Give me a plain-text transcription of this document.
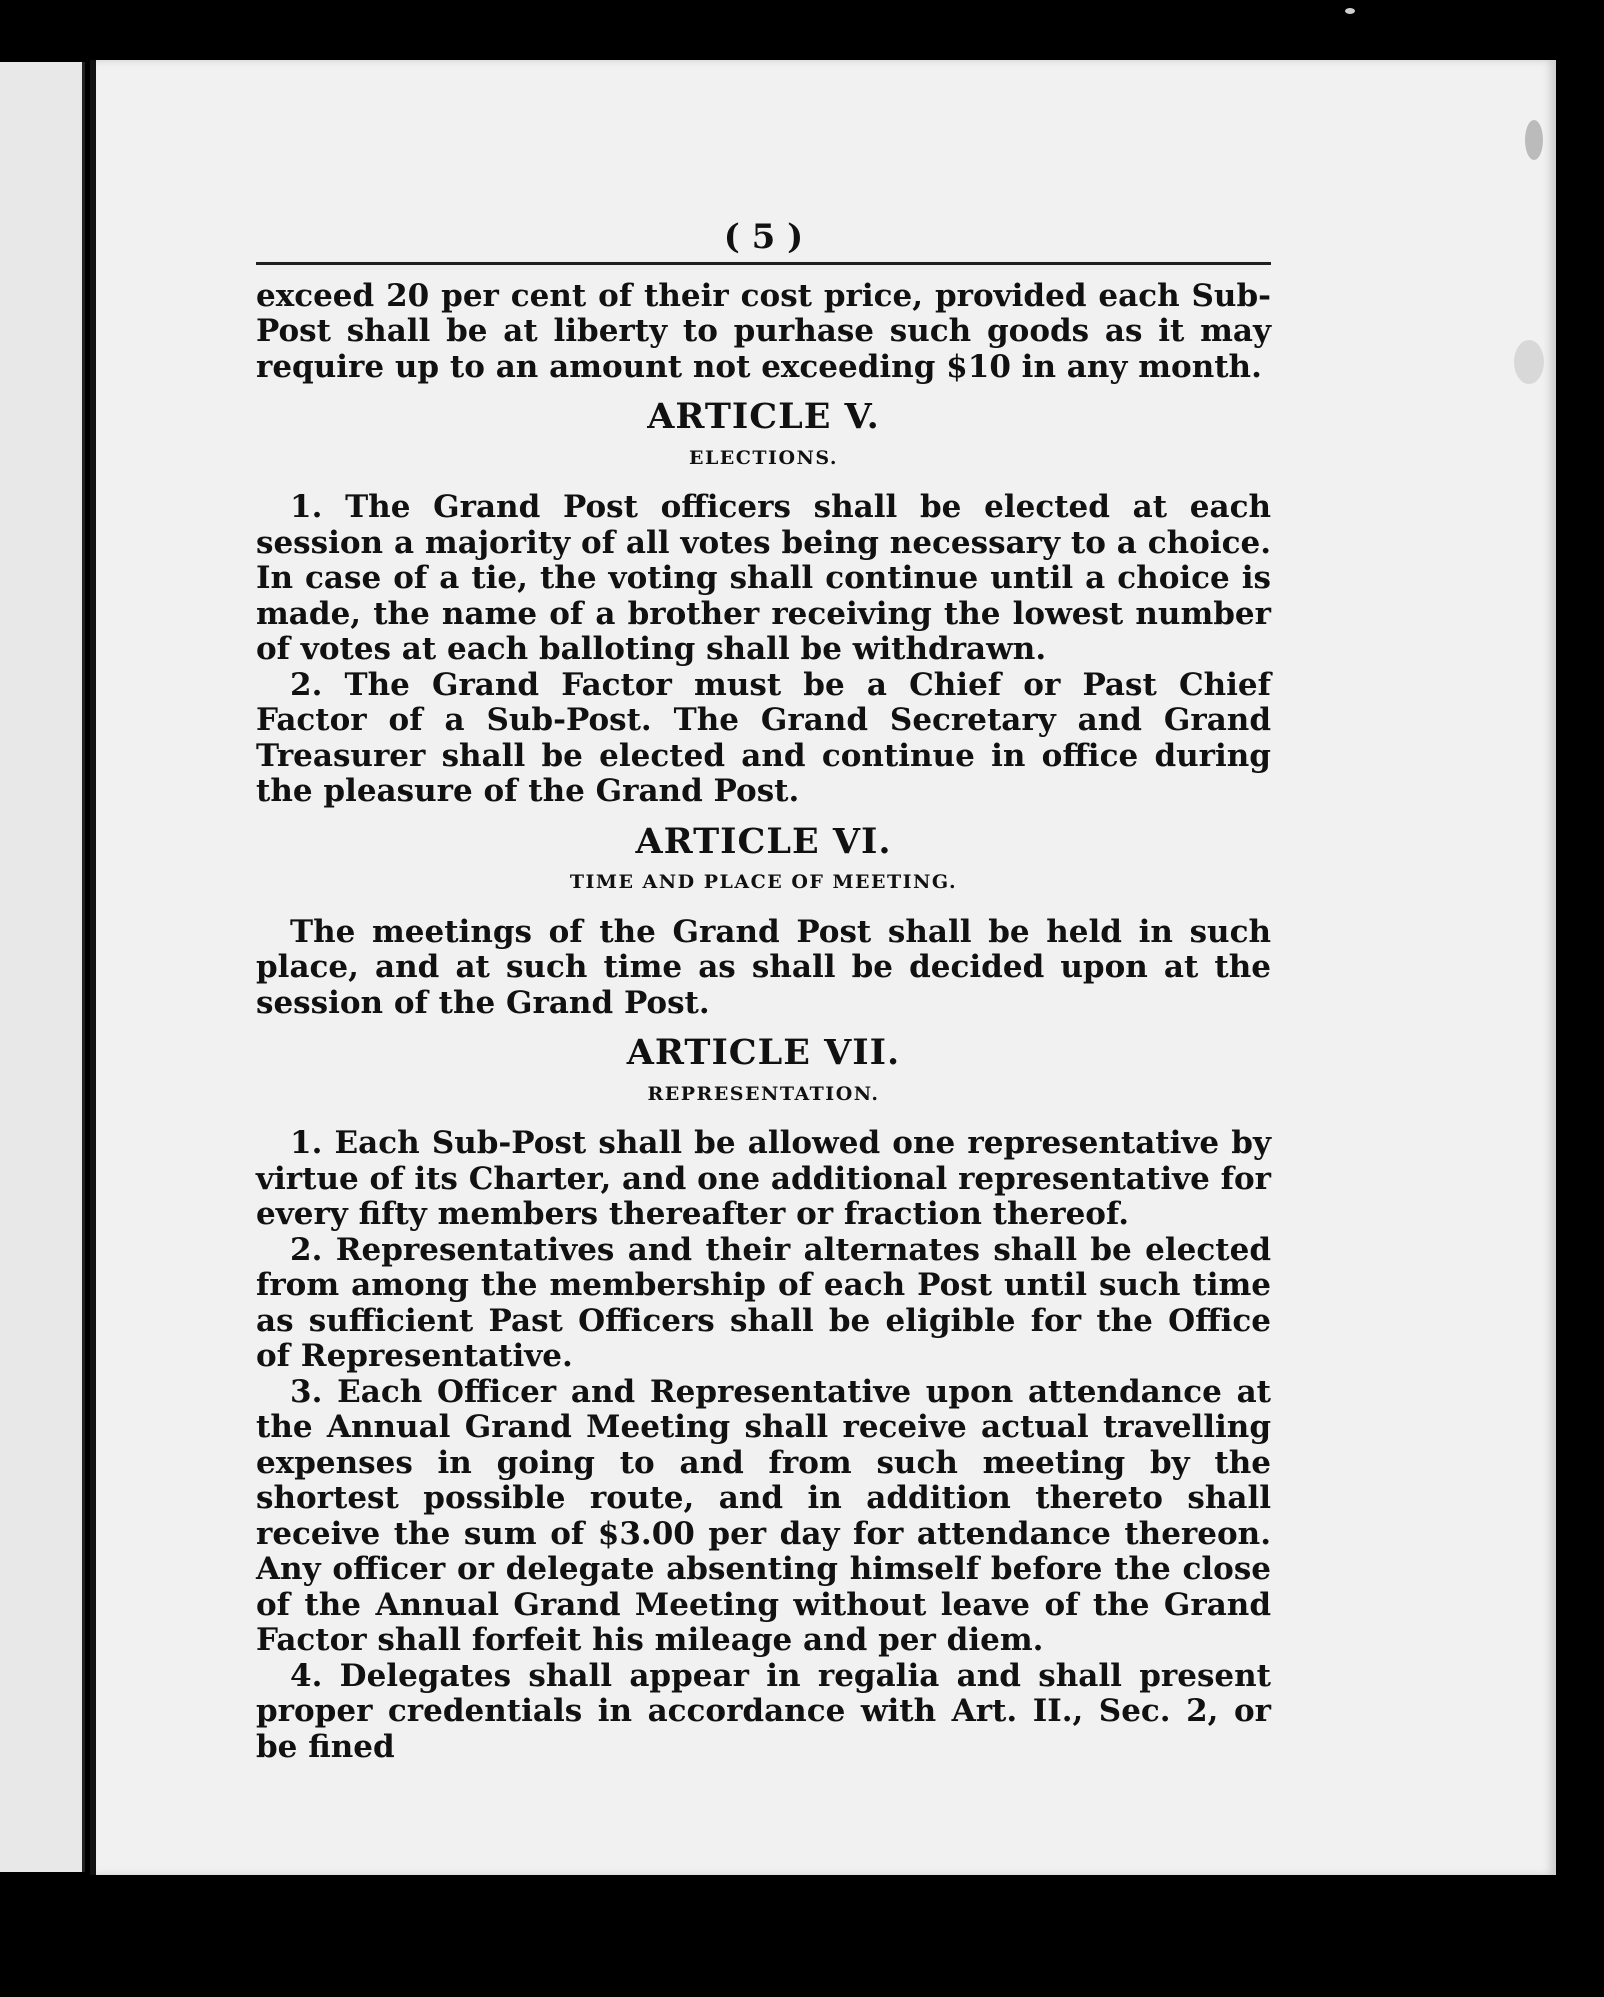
( 5 )

exceed 20 per cent of their cost price, provided each Sub-Post shall be at liberty to purhase such goods as it may require up to an amount not exceeding $10 in any month.

ARTICLE V.
ELECTIONS.

1. The Grand Post officers shall be elected at each session a majority of all votes being necessary to a choice. In case of a tie, the voting shall continue until a choice is made, the name of a brother receiving the lowest number of votes at each balloting shall be withdrawn.

2. The Grand Factor must be a Chief or Past Chief Factor of a Sub-Post. The Grand Secretary and Grand Treasurer shall be elected and continue in office during the pleasure of the Grand Post.

ARTICLE VI.
TIME AND PLACE OF MEETING.

The meetings of the Grand Post shall be held in such place, and at such time as shall be decided upon at the session of the Grand Post.

ARTICLE VII.
REPRESENTATION.

1. Each Sub-Post shall be allowed one representative by virtue of its Charter, and one additional representative for every fifty members thereafter or fraction thereof.

2. Representatives and their alternates shall be elected from among the membership of each Post until such time as sufficient Past Officers shall be eligible for the Office of Representative.

3. Each Officer and Representative upon attendance at the Annual Grand Meeting shall receive actual travelling expenses in going to and from such meeting by the shortest possible route, and in addition thereto shall receive the sum of $3.00 per day for attendance thereon. Any officer or delegate absenting himself before the close of the Annual Grand Meeting without leave of the Grand Factor shall forfeit his mileage and per diem.

4. Delegates shall appear in regalia and shall present proper credentials in accordance with Art. II., Sec. 2, or be fined
